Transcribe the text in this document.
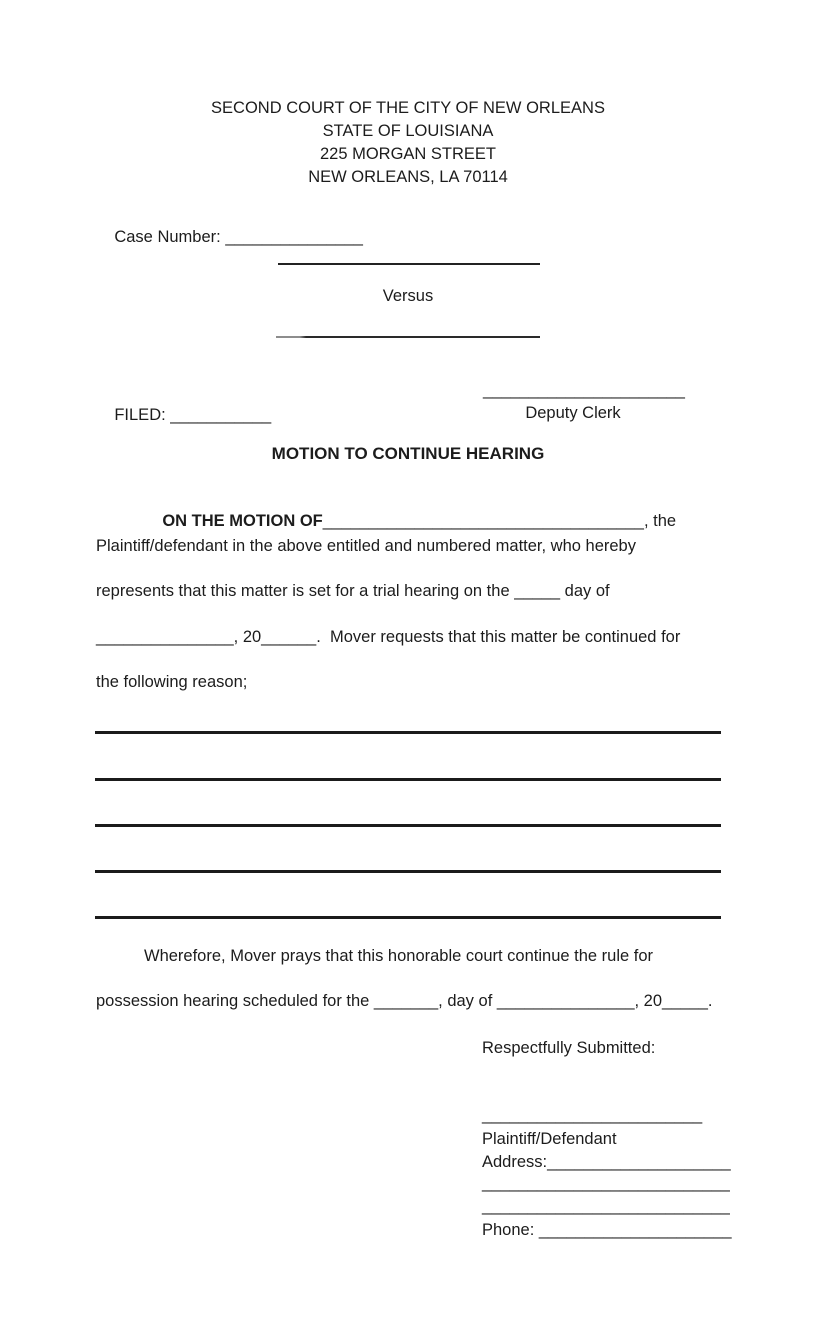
SECOND COURT OF THE CITY OF NEW ORLEANS
STATE OF LOUISIANA
225 MORGAN STREET
NEW ORLEANS, LA 70114

Case Number: _______________

Versus

FILED: ___________

______________________
Deputy Clerk
MOTION TO CONTINUE HEARING

ON THE MOTION OF___________________________________, the

Plaintiff/defendant in the above entitled and numbered matter, who hereby
represents that this matter is set for a trial hearing on the _____ day of
_______________, 20______.  Mover requests that this matter be continued for
the following reason;
Wherefore, Mover prays that this honorable court continue the rule for
possession hearing scheduled for the _______, day of _______________, 20_____.
Respectfully Submitted:
________________________
Plaintiff/Defendant
Address:____________________
___________________________
___________________________
Phone: _____________________
